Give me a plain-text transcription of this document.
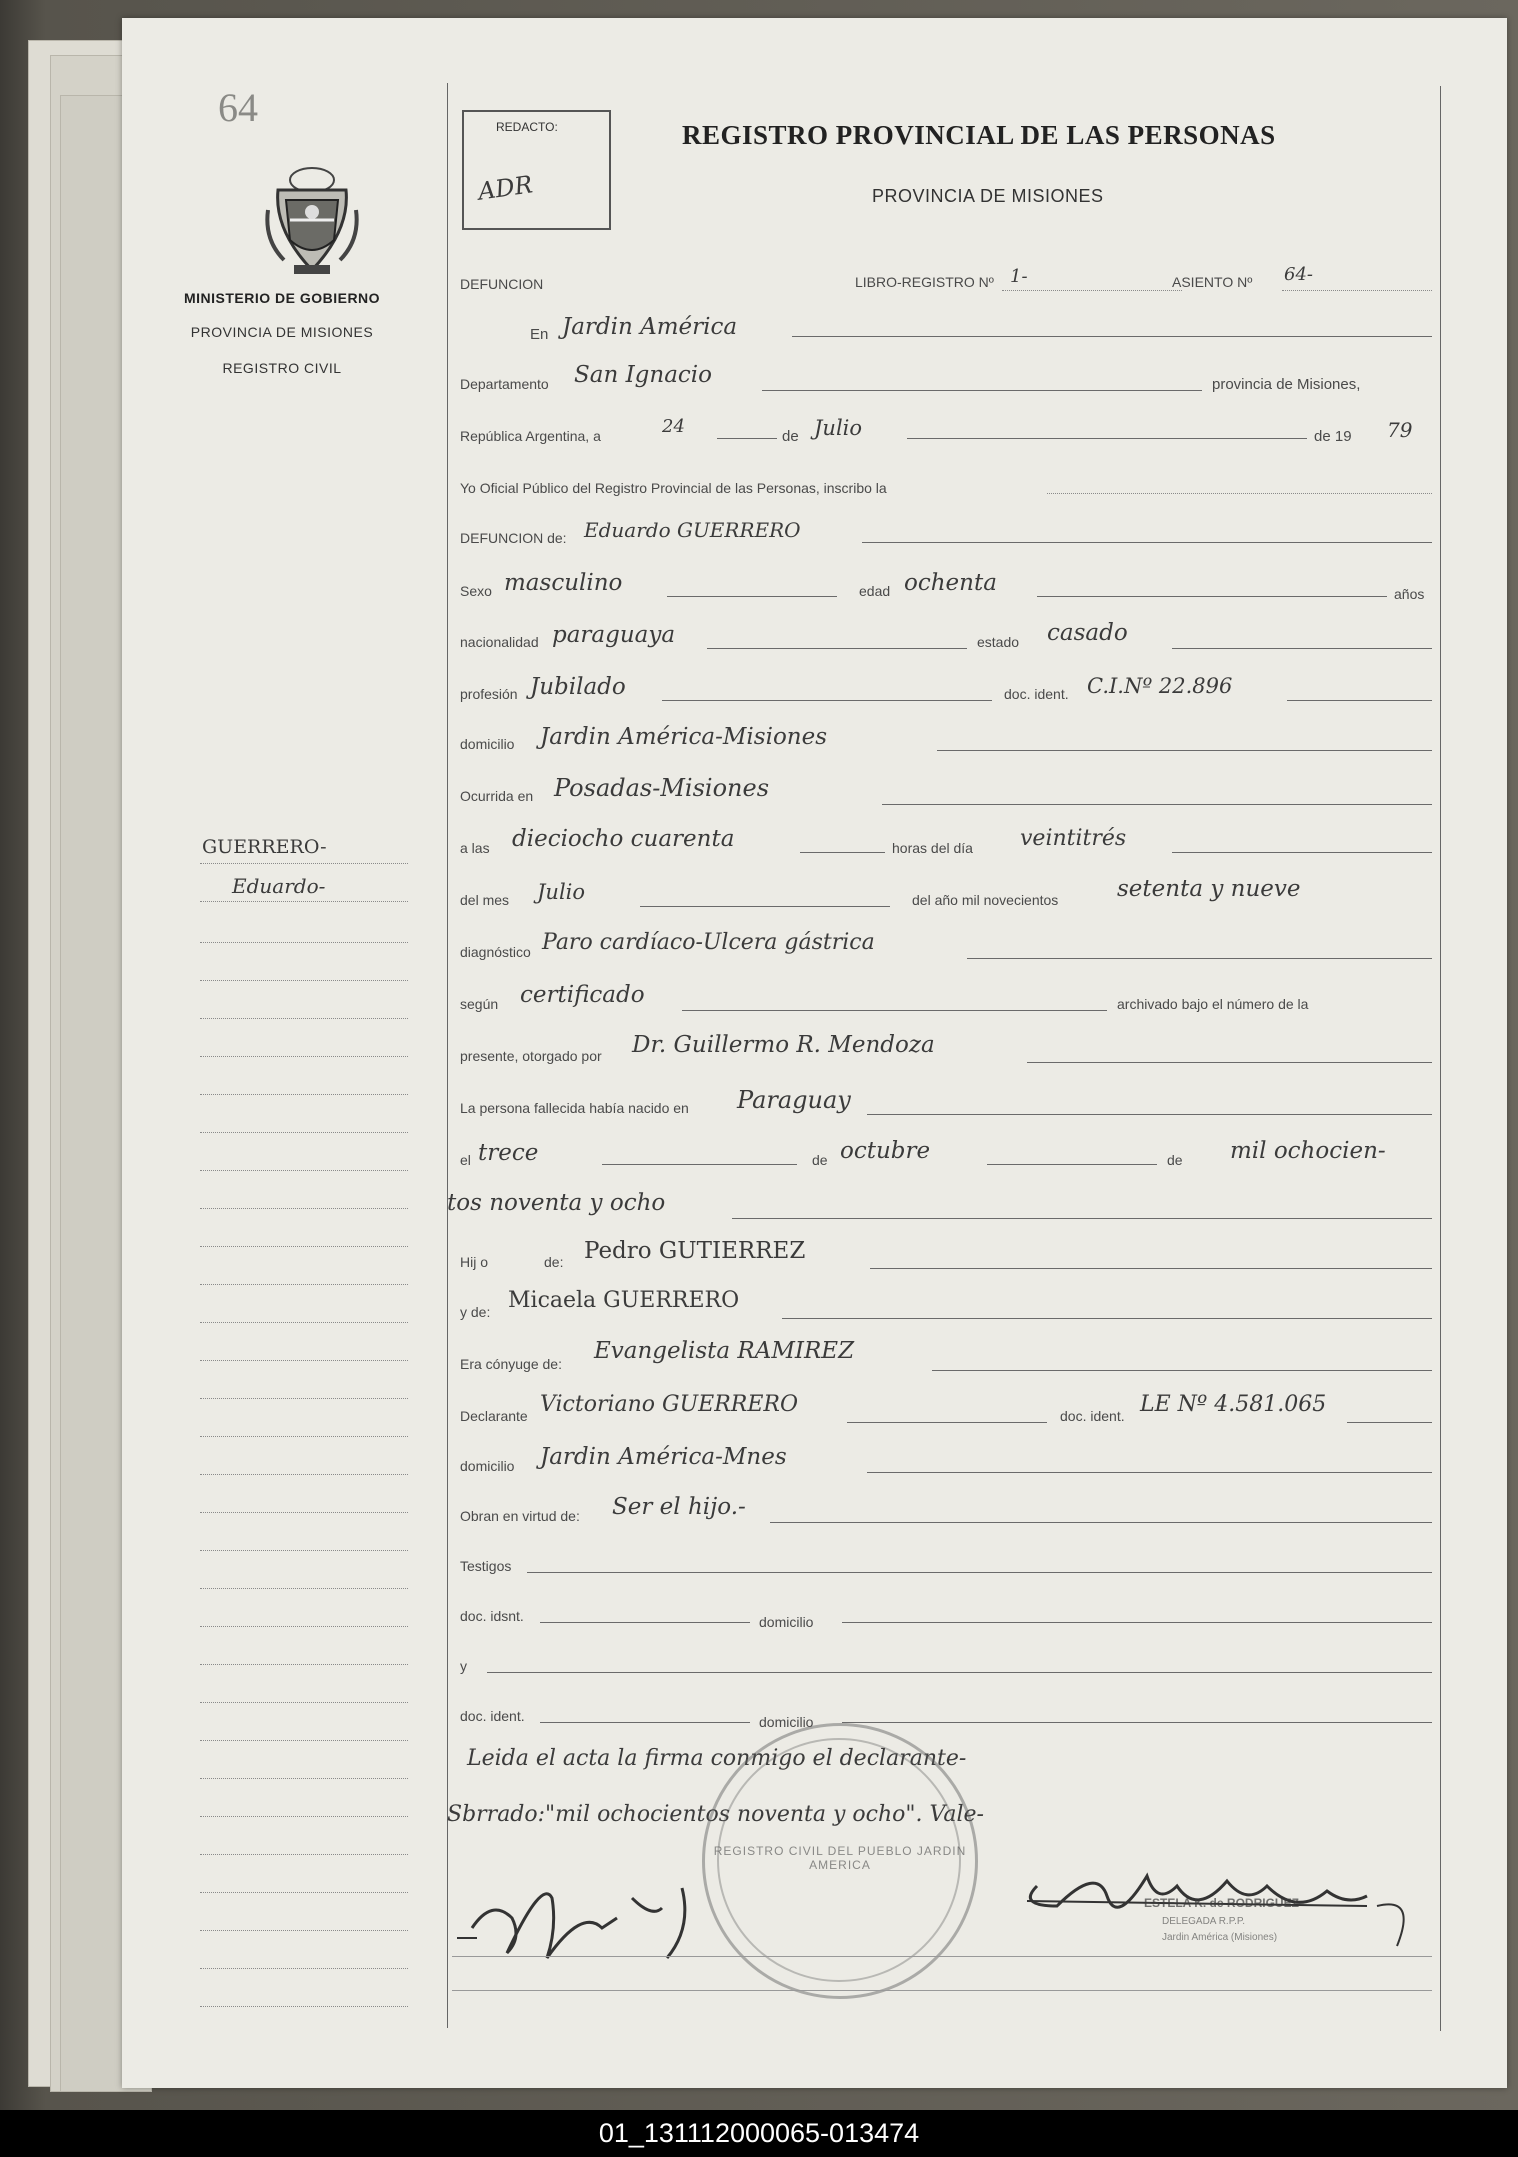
64
MINISTERIO DE GOBIERNO
PROVINCIA DE MISIONES
REGISTRO CIVIL
GUERRERO-
Eduardo-
REDACTO:
ADR
REGISTRO PROVINCIAL DE LAS PERSONAS
PROVINCIA DE MISIONES
DEFUNCION	LIBRO-REGISTRO Nº 1-	ASIENTO Nº 64-
En Jardin América
Departamento San Ignacio	provincia de Misiones,
República Argentina, a	24	de Julio	de 19 79
Yo Oficial Público del Registro Provincial de las Personas, inscribo la
DEFUNCION de: Eduardo GUERRERO
Sexo masculino	edad ochenta	años
nacionalidad paraguaya	estado casado
profesión Jubilado	doc. ident. C.I.Nº 22.896
domicilio Jardin América-Misiones
Ocurrida en Posadas-Misiones
a las dieciocho cuarenta	horas del día veintitrés
del mes Julio	del año mil novecientos	setenta y nueve
diagnóstico Paro cardíaco-Ulcera gástrica
según certificado	archivado bajo el número de la
presente, otorgado por Dr. Guillermo R. Mendoza
La persona fallecida había nacido en Paraguay
el trece	de octubre	de mil ochocien-
tos noventa y ocho
Hij o	de: Pedro GUTIERREZ
y de: Micaela GUERRERO
Era cónyuge de: Evangelista RAMIREZ
Declarante Victoriano GUERRERO	doc. ident. LE Nº 4.581.065
domicilio Jardin América-Mnes
Obran en virtud de: Ser el hijo.-
Testigos
doc. idsnt.	domicilio
y
doc. ident.	domicilio
Leida el acta la firma conmigo el declarante-
Sbrrado:"mil ochocientos noventa y ocho". Vale-
REGISTRO CIVIL DEL PUEBLO JARDIN AMERICA
ESTELA K. de RODRIGUEZ
DELEGADA R.P.P.
Jardin América (Misiones)
01_131112000065-013474
